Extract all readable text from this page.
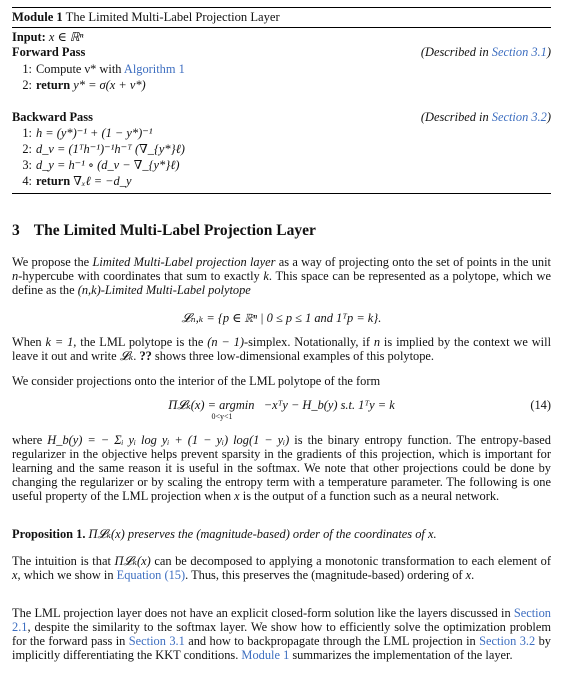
Module 1 The Limited Multi-Label Projection Layer
Input: x ∈ ℝⁿ
Forward Pass	(Described in Section 3.1)
1: Compute ν* with Algorithm 1
2: return y* = σ(x + ν*)
Backward Pass	(Described in Section 3.2)
1: h = (y*)⁻¹ + (1 − y*)⁻¹
2: d_ν = (1ᵀh⁻¹)⁻¹h⁻ᵀ (∇_{y*}ℓ)
3: d_y = h⁻¹ ∘ (d_ν − ∇_{y*}ℓ)
4: return ∇ₓℓ = −d_y
3 The Limited Multi-Label Projection Layer
We propose the Limited Multi-Label projection layer as a way of projecting onto the set of points in the unit n-hypercube with coordinates that sum to exactly k. This space can be represented as a polytope, which we define as the (n,k)-Limited Multi-Label polytope
𝓛ₙ,ₖ = {p ∈ ℝⁿ | 0 ≤ p ≤ 1 and 1ᵀp = k}.
When k = 1, the LML polytope is the (n − 1)-simplex. Notationally, if n is implied by the context we will leave it out and write 𝓛ₖ. ?? shows three low-dimensional examples of this polytope.
We consider projections onto the interior of the LML polytope of the form
Π𝓛ₖ(x) = argmin
0<y<1
−xᵀy − H_b(y) s.t. 1ᵀy = k	(14)
where H_b(y) = − Σᵢ yᵢ log yᵢ + (1 − yᵢ) log(1 − yᵢ) is the binary entropy function. The entropy-based regularizer in the objective helps prevent sparsity in the gradients of this projection, which is important for learning and the same reason it is useful in the softmax. We note that other projections could be done by changing the regularizer or by scaling the entropy term with a temperature parameter. The following is one useful property of the LML projection when x is the output of a function such as a neural network.
Proposition 1. Π𝓛ₖ(x) preserves the (magnitude-based) order of the coordinates of x.
The intuition is that Π𝓛ₖ(x) can be decomposed to applying a monotonic transformation to each element of x, which we show in Equation (15). Thus, this preserves the (magnitude-based) ordering of x.
The LML projection layer does not have an explicit closed-form solution like the layers discussed in Section 2.1, despite the similarity to the softmax layer. We show how to efficiently solve the optimization problem for the forward pass in Section 3.1 and how to backpropagate through the LML projection in Section 3.2 by implicitly differentiating the KKT conditions. Module 1 summarizes the implementation of the layer.
